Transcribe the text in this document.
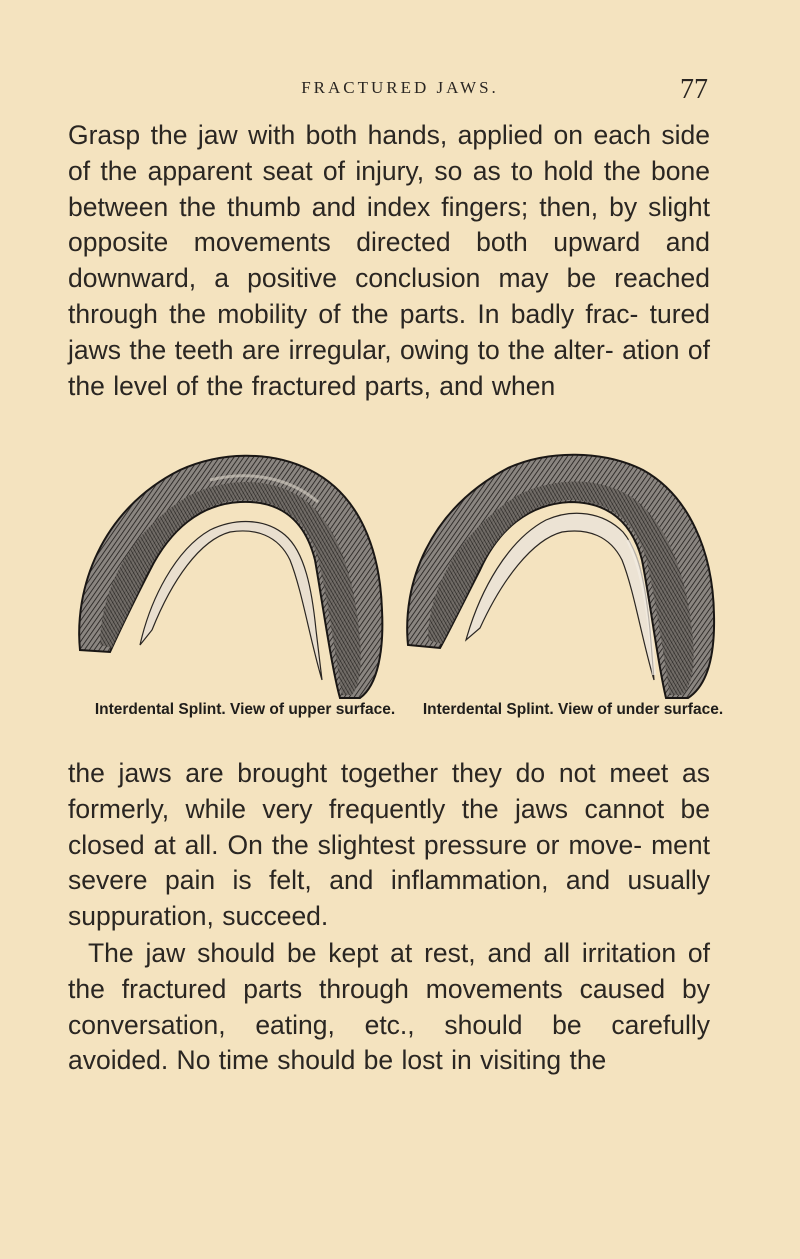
FRACTURED JAWS.	77

Grasp the jaw with both hands, applied on each side of the apparent seat of injury, so as to hold the bone between the thumb and index fingers; then, by slight opposite movements directed both upward and downward, a positive conclusion may be reached through the mobility of the parts. In badly frac- tured jaws the teeth are irregular, owing to the alter- ation of the level of the fractured parts, and when

Interdental Splint. View of upper surface.	Interdental Splint. View of under surface.

the jaws are brought together they do not meet as formerly, while very frequently the jaws cannot be closed at all. On the slightest pressure or move- ment severe pain is felt, and inflammation, and usually suppuration, succeed.

The jaw should be kept at rest, and all irritation of the fractured parts through movements caused by conversation, eating, etc., should be carefully avoided. No time should be lost in visiting the
